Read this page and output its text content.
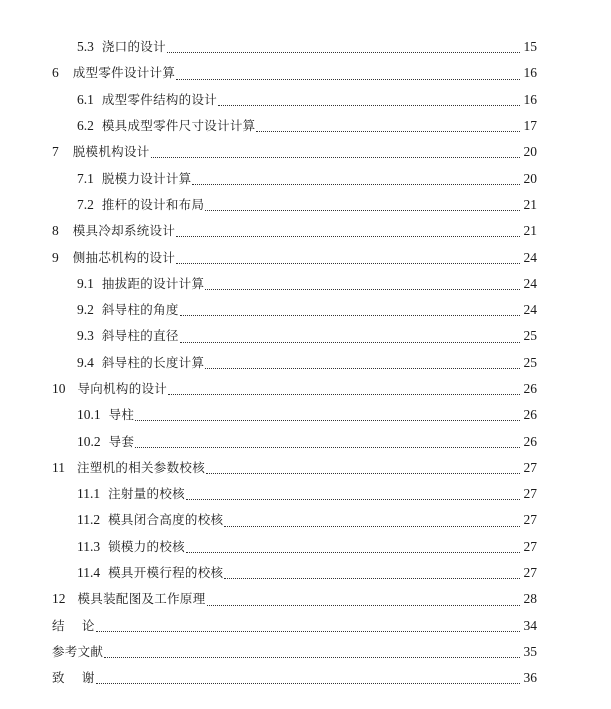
5.3 浇口的设计	15
6 成型零件设计计算	16
6.1 成型零件结构的设计	16
6.2 模具成型零件尺寸设计计算	17
7 脱模机构设计	20
7.1 脱模力设计计算	20
7.2 推杆的设计和布局	21
8 模具冷却系统设计	21
9 侧抽芯机构的设计	24
9.1 抽拔距的设计计算	24
9.2 斜导柱的角度	24
9.3 斜导柱的直径	25
9.4 斜导柱的长度计算	25
10 导向机构的设计	26
10.1 导柱	26
10.2 导套	26
11 注塑机的相关参数校核	27
11.1 注射量的校核	27
11.2 模具闭合高度的校核	27
11.3 锁模力的校核	27
11.4 模具开模行程的校核	27
12 模具装配图及工作原理	28
结    论	34
参考文献	35
致    谢	36
